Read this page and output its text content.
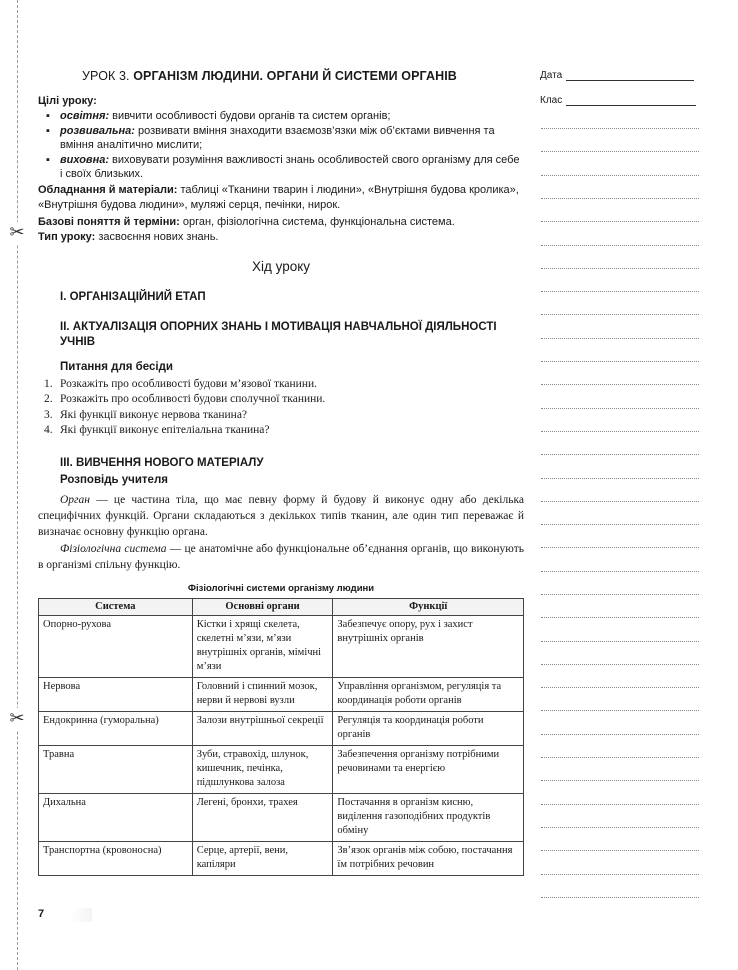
✂
✂
УРОК 3. ОРГАНІЗМ ЛЮДИНИ. ОРГАНИ Й СИСТЕМИ ОРГАНІВ	Дата
Клас
Цілі уроку:
▪ освітня: вивчити особливості будови органів та систем органів;
▪ розвивальна: розвивати вміння знаходити взаємозв’язки між об’єктами вивчення та вміння аналітично мислити;
▪ виховна: виховувати розуміння важливості знань особливостей свого організму для себе і своїх близьких.
Обладнання й матеріали: таблиці «Тканини тварин і людини», «Внутрішня будова кролика», «Внутрішня будова людини», муляжі серця, печінки, нирок.
Базові поняття й терміни: орган, фізіологічна система, функціональна система.
Тип уроку: засвоєння нових знань.
Хід уроку
І. ОРГАНІЗАЦІЙНИЙ ЕТАП
ІІ. АКТУАЛІЗАЦІЯ ОПОРНИХ ЗНАНЬ І МОТИВАЦІЯ НАВЧАЛЬНОЇ ДІЯЛЬНОСТІ УЧНІВ
Питання для бесіди
1. Розкажіть про особливості будови м’язової тканини.
2. Розкажіть про особливості будови сполучної тканини.
3. Які функції виконує нервова тканина?
4. Які функції виконує епітеліальна тканина?
ІІІ. ВИВЧЕННЯ НОВОГО МАТЕРІАЛУ
Розповідь учителя
Орган — це частина тіла, що має певну форму й будову й виконує одну або декілька специфічних функцій. Органи складаються з декількох типів тканин, але один тип переважає й визначає основну функцію органа.
Фізіологічна система — це анатомічне або функціональне об’єднання органів, що виконують в організмі спільну функцію.
Фізіологічні системи організму людини
Система	Основні органи	Функції
Опорно-рухова	Кістки і хрящі скелета, скелетні м’язи, м’язи внутрішніх органів, мімічні м’язи	Забезпечує опору, рух і захист внутрішніх органів
Нервова	Головний і спинний мозок, нерви й нервові вузли	Управління організмом, регуляція та координація роботи органів
Ендокринна (гуморальна)	Залози внутрішньої секреції	Регуляція та координація роботи органів
Травна	Зуби, стравохід, шлунок, кишечник, печінка, підшлункова залоза	Забезпечення організму потрібними речовинами та енергією
Дихальна	Легені, бронхи, трахея	Постачання в організм кисню, виділення газоподібних продуктів обміну
Транспортна (кровоносна)	Серце, артерії, вени, капіляри	Зв’язок органів між собою, постачання їм потрібних речовин
7
